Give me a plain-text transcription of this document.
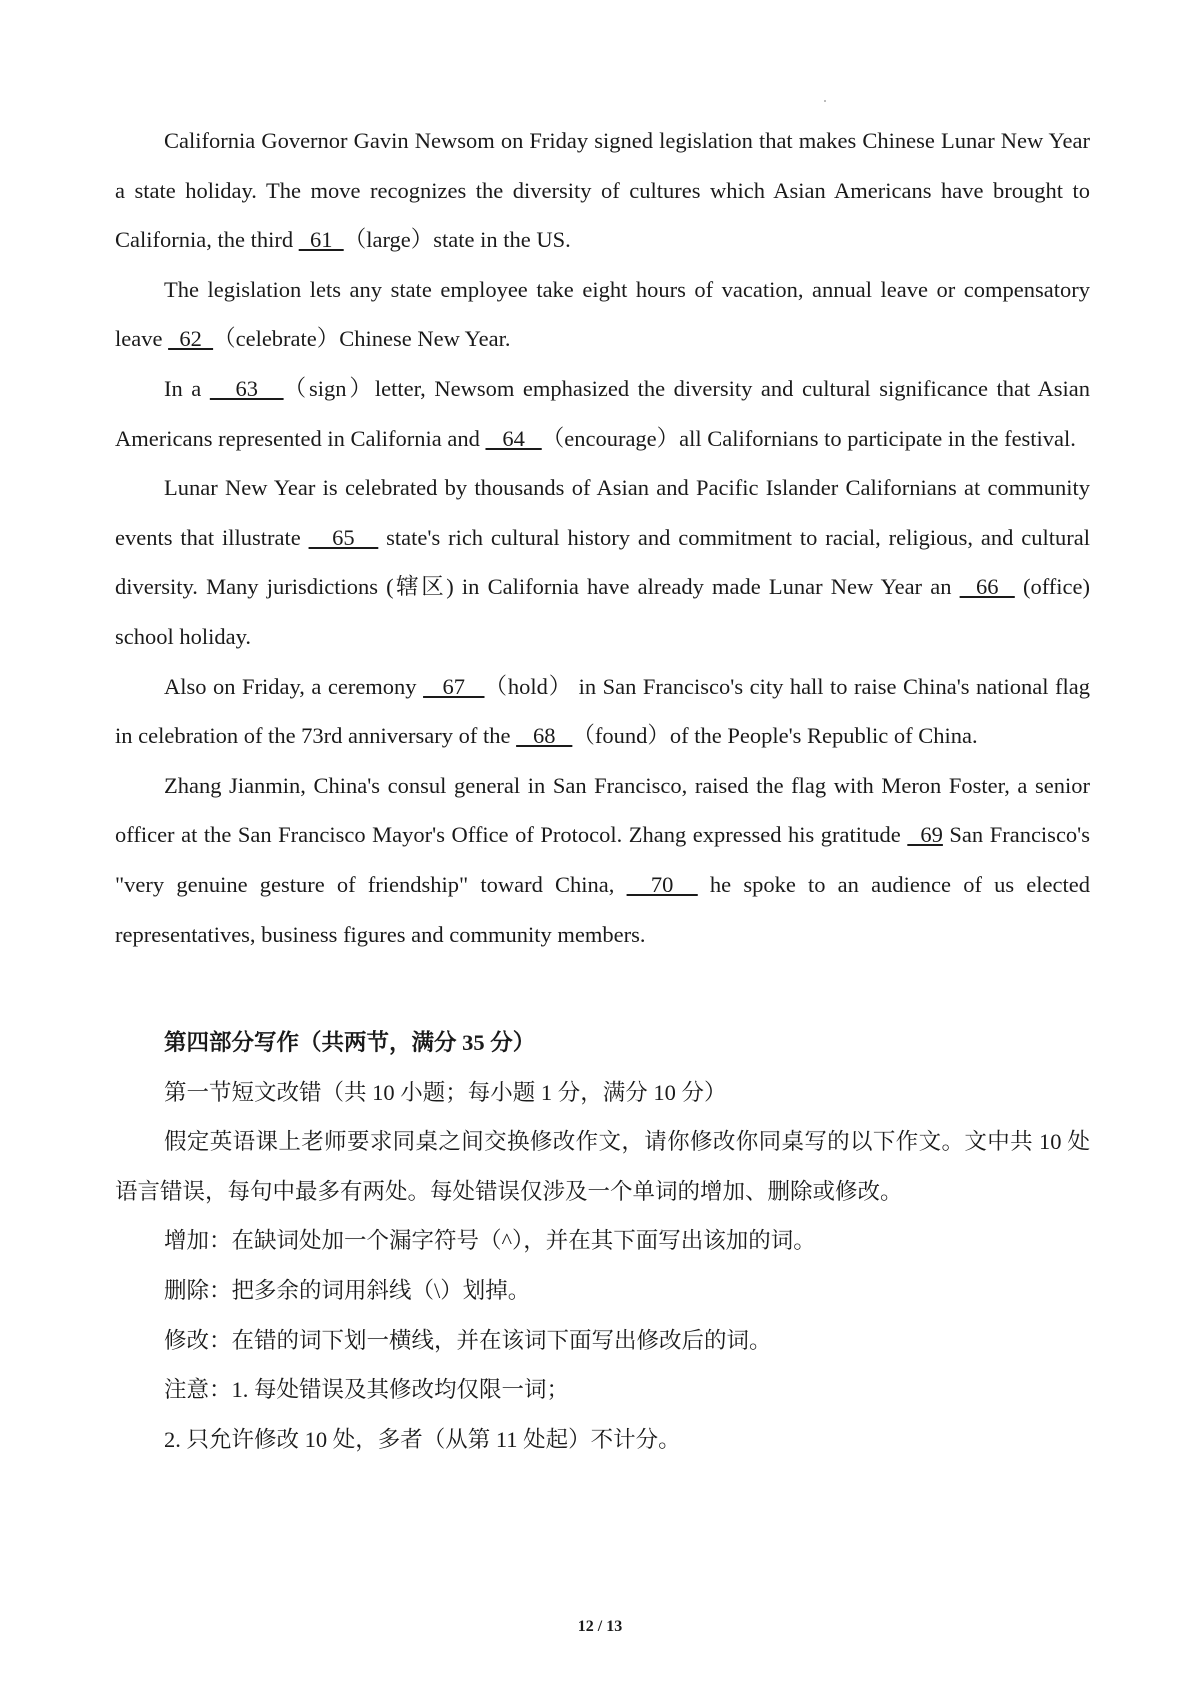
California Governor Gavin Newsom on Friday signed legislation that makes Chinese Lunar New Year a state holiday. The move recognizes the diversity of cultures which Asian Americans have brought to California, the third   61  （large）state in the US.

The legislation lets any state employee take eight hours of vacation, annual leave or compensatory leave   62  （celebrate）Chinese New Year.

In a    63   （sign）letter, Newsom emphasized the diversity and cultural significance that Asian Americans represented in California and    64   （encourage）all Californians to participate in the festival.

Lunar New Year is celebrated by thousands of Asian and Pacific Islander Californians at community events that illustrate    65    state's rich cultural history and commitment to racial, religious, and cultural diversity. Many jurisdictions (辖区) in California have already made Lunar New Year an   66   (office) school holiday.

Also on Friday, a ceremony    67   （hold） in San Francisco's city hall to raise China's national flag in celebration of the 73rd anniversary of the    68   （found）of the People's Republic of China.

Zhang Jianmin, China's consul general in San Francisco, raised the flag with Meron Foster, a senior officer at the San Francisco Mayor's Office of Protocol. Zhang expressed his gratitude   69 San Francisco's "very genuine gesture of friendship" toward China,   70   he spoke to an audience of us elected representatives, business figures and community members.

第四部分写作（共两节，满分 35 分）

第一节短文改错（共 10 小题；每小题 1 分，满分 10 分）

假定英语课上老师要求同桌之间交换修改作文，请你修改你同桌写的以下作文。文中共 10 处语言错误，每句中最多有两处。每处错误仅涉及一个单词的增加、删除或修改。

增加：在缺词处加一个漏字符号（^），并在其下面写出该加的词。

删除：把多余的词用斜线（\）划掉。

修改：在错的词下划一横线，并在该词下面写出修改后的词。

注意：1. 每处错误及其修改均仅限一词；

2. 只允许修改 10 处，多者（从第 11 处起）不计分。

12 / 13
